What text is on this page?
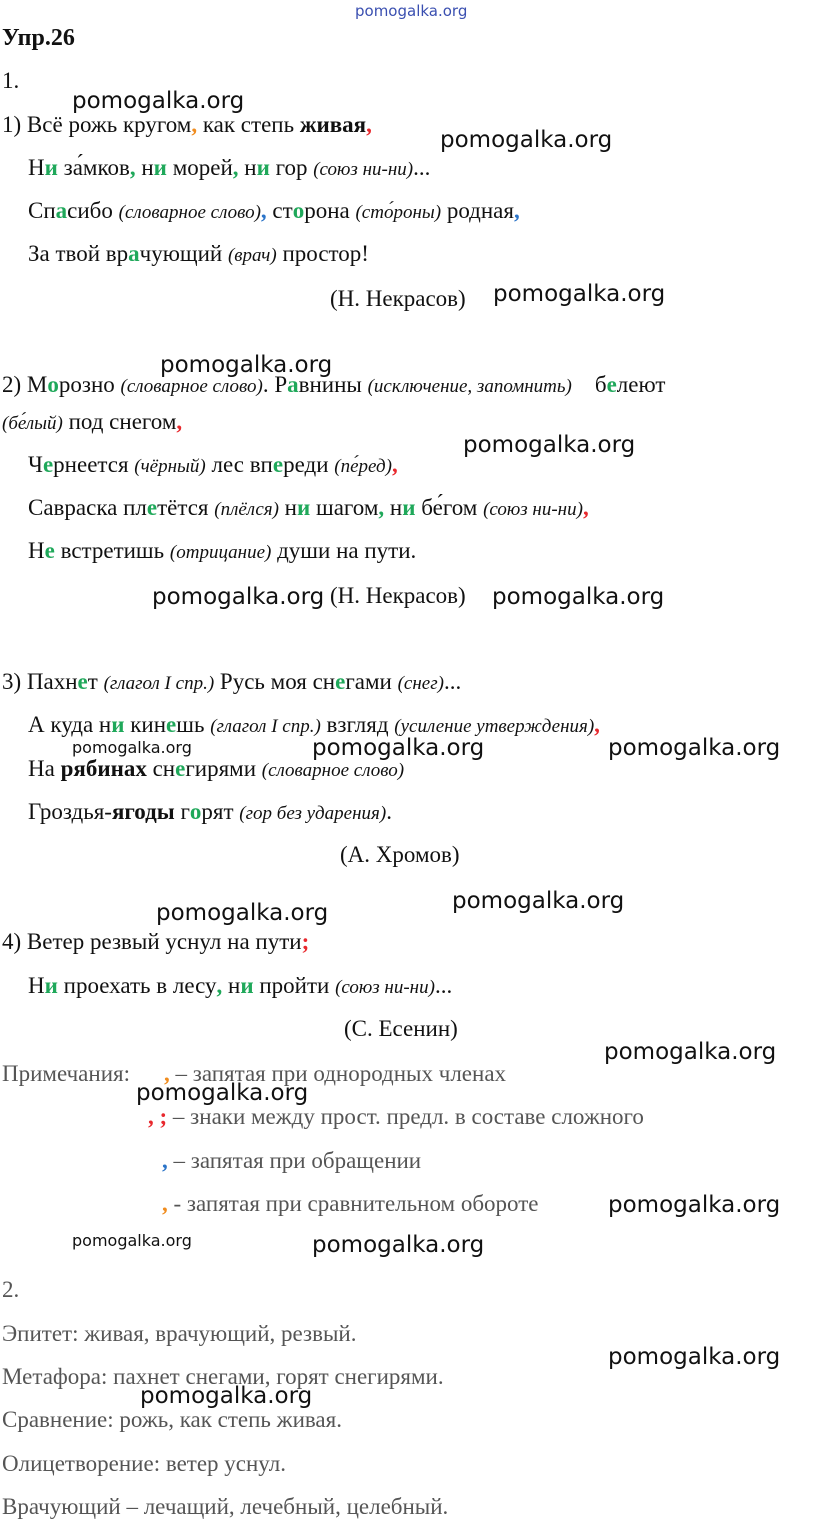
pomogalka.org
pomogalka.org
pomogalka.org
pomogalka.org
pomogalka.org
pomogalka.org
pomogalka.org	pomogalka.org
pomogalka.org	pomogalka.org	pomogalka.org
pomogalka.org
pomogalka.org
pomogalka.org
pomogalka.org
pomogalka.org
pomogalka.org	pomogalka.org
pomogalka.org
pomogalka.org
Упр.26
1.
1) Всё рожь кругом, как степь живая,
Ни за́мков, ни морей, ни гор (союз ни-ни)...
Спасибо (словарное слово), сторона (сто́роны) родная,
За твой врачующий (врач) простор!
(Н. Некрасов)
2) Морозно (словарное слово). Равнины (исключение, запомнить)    белеют
(бе́лый) под снегом,
Чернеется (чёрный) лес впереди (пе́ред),
Савраска плетётся (плёлся) ни шагом, ни бе́гом (союз ни-ни),
Не встретишь (отрицание) души на пути.
(Н. Некрасов)
3) Пахнет (глагол I спр.) Русь моя снегами (снег)...
А куда ни кинешь (глагол I спр.) взгляд (усиление утверждения),
На рябинах снегирями (словарное слово)
Гроздья-ягоды горят (гор без ударения).
(А. Хромов)
4) Ветер резвый уснул на пути;
Ни проехать в лесу, ни пройти (союз ни-ни)...
(С. Есенин)
Примечания: , – запятая при однородных членах
, ; – знаки между прост. предл. в составе сложного
, – запятая при обращении
, - запятая при сравнительном обороте
2.
Эпитет: живая, врачующий, резвый.
Метафора: пахнет снегами, горят снегирями.
Сравнение: рожь, как степь живая.
Олицетворение: ветер уснул.
Врачующий – лечащий, лечебный, целебный.
